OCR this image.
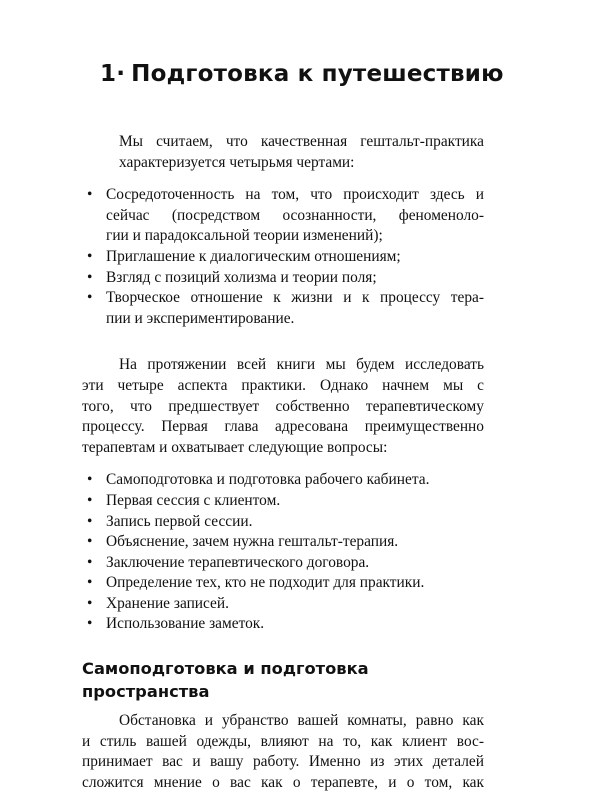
1· Подготовка к путешествию

Мы считаем, что качественная гештальт-практика
характеризуется четырьмя чертами:

• Сосредоточенность на том, что происходит здесь и
сейчас (посредством осознанности, феноменоло-
гии и парадоксальной теории изменений);
• Приглашение к диалогическим отношениям;
• Взгляд с позиций холизма и теории поля;
• Творческое отношение к жизни и к процессу тера-
пии и экспериментирование.

На протяжении всей книги мы будем исследовать
эти четыре аспекта практики. Однако начнем мы с
того, что предшествует собственно терапевтическому
процессу. Первая глава адресована преимущественно
терапевтам и охватывает следующие вопросы:

• Самоподготовка и подготовка рабочего кабинета.
• Первая сессия с клиентом.
• Запись первой сессии.
• Объяснение, зачем нужна гештальт-терапия.
• Заключение терапевтического договора.
• Определение тех, кто не подходит для практики.
• Хранение записей.
• Использование заметок.
Самоподготовка и подготовка
пространства

Обстановка и убранство вашей комнаты, равно как
и стиль вашей одежды, влияют на то, как клиент вос-
принимает вас и вашу работу. Именно из этих деталей
сложится мнение о вас как о терапевте, и о том, как
